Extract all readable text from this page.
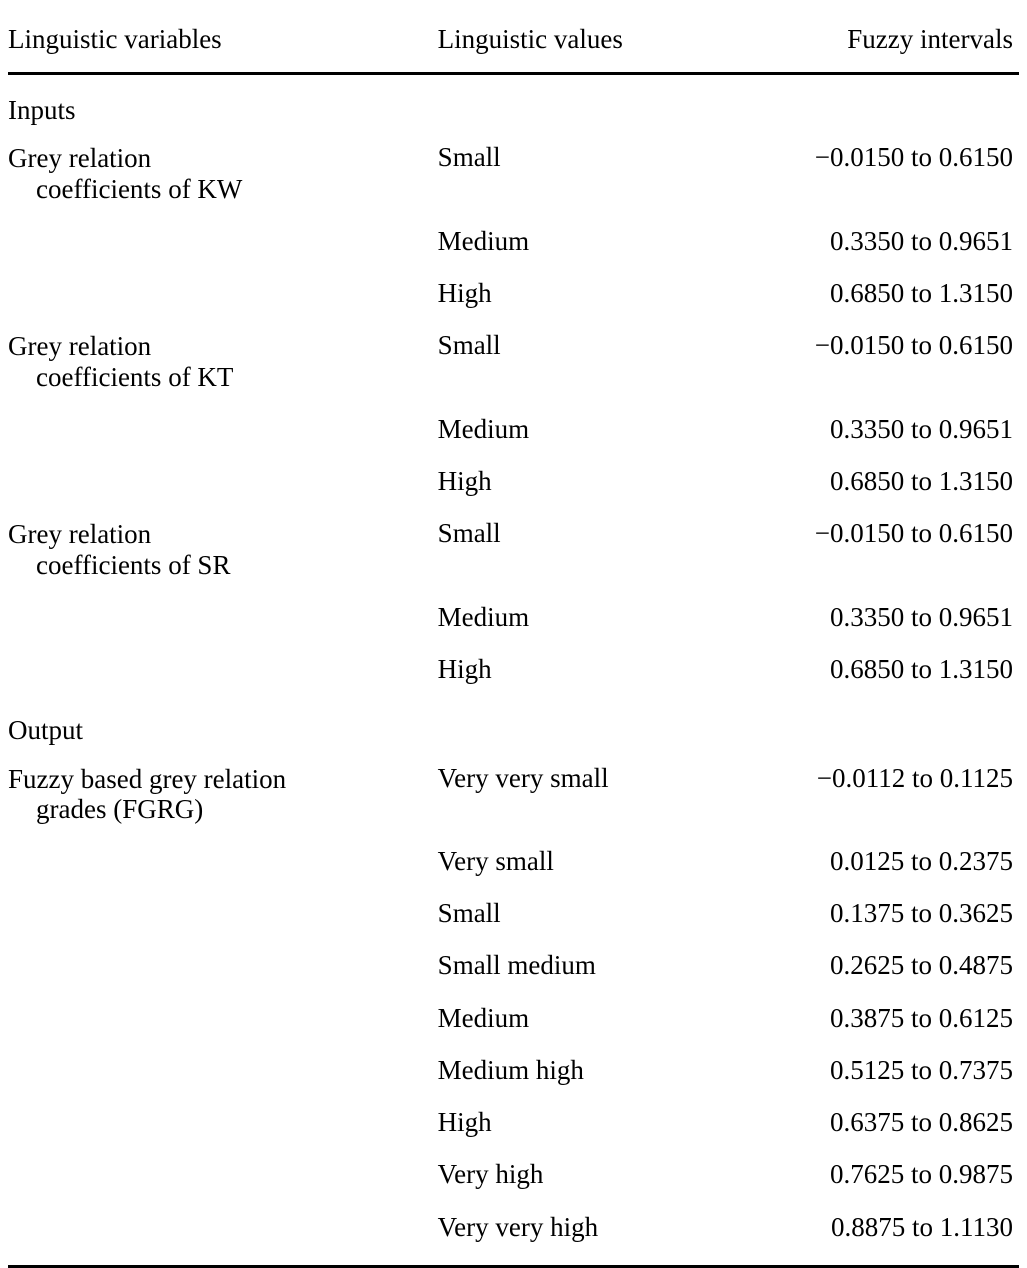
Linguistic variables	Linguistic values	Fuzzy intervals
Inputs		

Grey relation
coefficients of KW	Small	−0.0150 to 0.6150
	Medium	0.3350 to 0.9651
	High	0.6850 to 1.3150

Grey relation
coefficients of KT	Small	−0.0150 to 0.6150
	Medium	0.3350 to 0.9651
	High	0.6850 to 1.3150

Grey relation
coefficients of SR	Small	−0.0150 to 0.6150
	Medium	0.3350 to 0.9651
	High	0.6850 to 1.3150
Output		

Fuzzy based grey relation
grades (FGRG)	Very very small	−0.0112 to 0.1125
	Very small	0.0125 to 0.2375
	Small	0.1375 to 0.3625
	Small medium	0.2625 to 0.4875
	Medium	0.3875 to 0.6125
	Medium high	0.5125 to 0.7375
	High	0.6375 to 0.8625
	Very high	0.7625 to 0.9875
	Very very high	0.8875 to 1.1130
